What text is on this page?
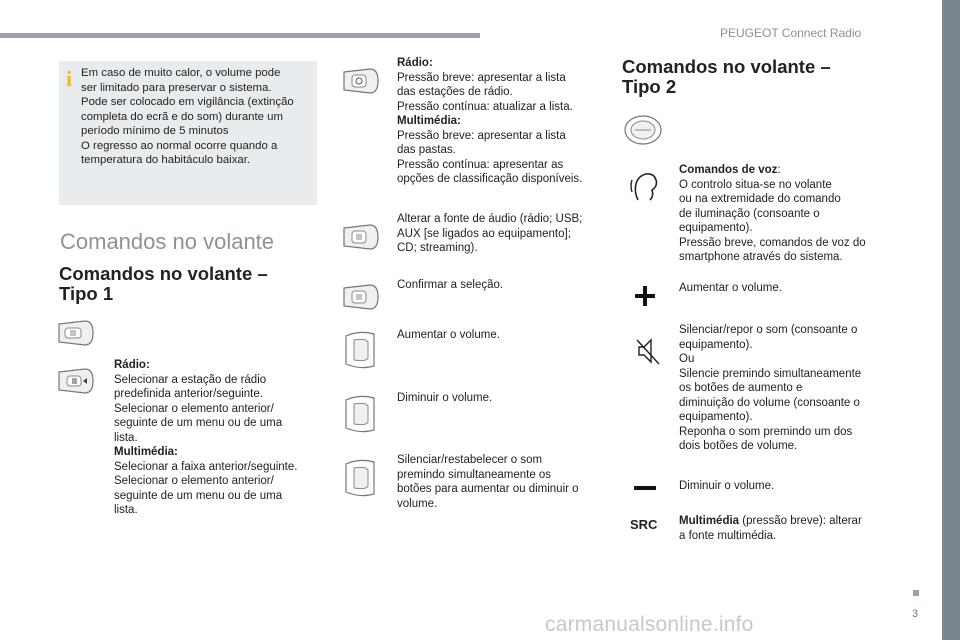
PEUGEOT Connect Radio
i Em caso de muito calor, o volume pode
ser limitado para preservar o sistema.
Pode ser colocado em vigilância (extinção
completa do ecrã e do som) durante um
período mínimo de 5 minutos
O regresso ao normal ocorre quando a
temperatura do habitáculo baixar.
Comandos no volante
Comandos no volante –
Tipo 1
Rádio:
Selecionar a estação de rádio
predefinida anterior/seguinte.
Selecionar o elemento anterior/
seguinte de um menu ou de uma
lista.
Multimédia:
Selecionar a faixa anterior/seguinte.
Selecionar o elemento anterior/
seguinte de um menu ou de uma
lista.
Rádio:
Pressão breve: apresentar a lista
das estações de rádio.
Pressão contínua: atualizar a lista.
Multimédia:
Pressão breve: apresentar a lista
das pastas.
Pressão contínua: apresentar as
opções de classificação disponíveis.
Alterar a fonte de áudio (rádio; USB;
AUX [se ligados ao equipamento];
CD; streaming).
Confirmar a seleção.
Aumentar o volume.
Diminuir o volume.
Silenciar/restabelecer o som
premindo simultaneamente os
botões para aumentar ou diminuir o
volume.
Comandos no volante –
Tipo 2
Comandos de voz:
O controlo situa-se no volante
ou na extremidade do comando
de iluminação (consoante o
equipamento).
Pressão breve, comandos de voz do
smartphone através do sistema.
Aumentar o volume.
Silenciar/repor o som (consoante o
equipamento).
Ou
Silencie premindo simultaneamente
os botões de aumento e
diminuição do volume (consoante o
equipamento).
Reponha o som premindo um dos
dois botões de volume.
Diminuir o volume.
SRC Multimédia (pressão breve): alterar
a fonte multimédia.
3
carmanualsonline.info
